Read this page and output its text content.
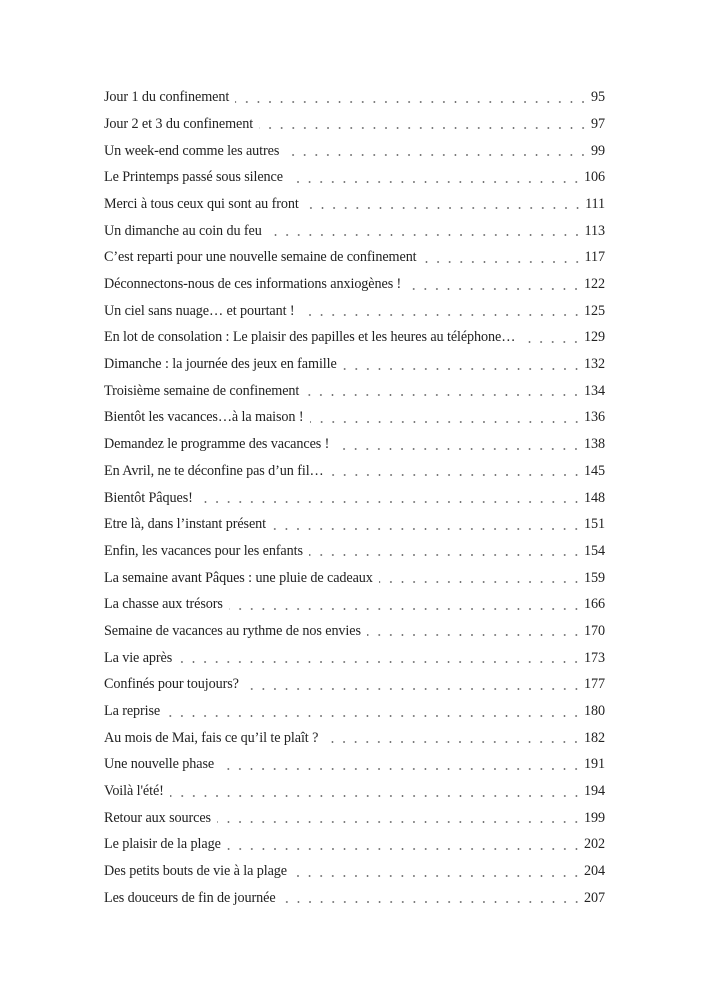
Jour 1 du confinement	95
Jour 2 et 3 du confinement	97
Un week-end comme les autres	99
Le Printemps passé sous silence	106
Merci à tous ceux qui sont au front	111
Un dimanche au coin du feu	113
C’est reparti pour une nouvelle semaine de confinement	117
Déconnectons-nous de ces informations anxiogènes !	122
Un ciel sans nuage… et pourtant !	125
En lot de consolation : Le plaisir des papilles et les heures au téléphone…	129
Dimanche : la journée des jeux en famille	132
Troisième semaine de confinement	134
Bientôt les vacances…à la maison !	136
Demandez le programme des vacances !	138
En Avril, ne te déconfine pas d’un fil…	145
Bientôt Pâques!	148
Etre là, dans l’instant présent	151
Enfin, les vacances pour les enfants	154
La semaine avant Pâques : une pluie de cadeaux	159
La chasse aux trésors	166
Semaine de vacances au rythme de nos envies	170
La vie après	173
Confinés pour toujours?	177
La reprise	180
Au mois de Mai, fais ce qu’il te plaît ?	182
Une nouvelle phase	191
Voilà l'été!	194
Retour aux sources	199
Le plaisir de la plage	202
Des petits bouts de vie à la plage	204
Les douceurs de fin de journée	207
